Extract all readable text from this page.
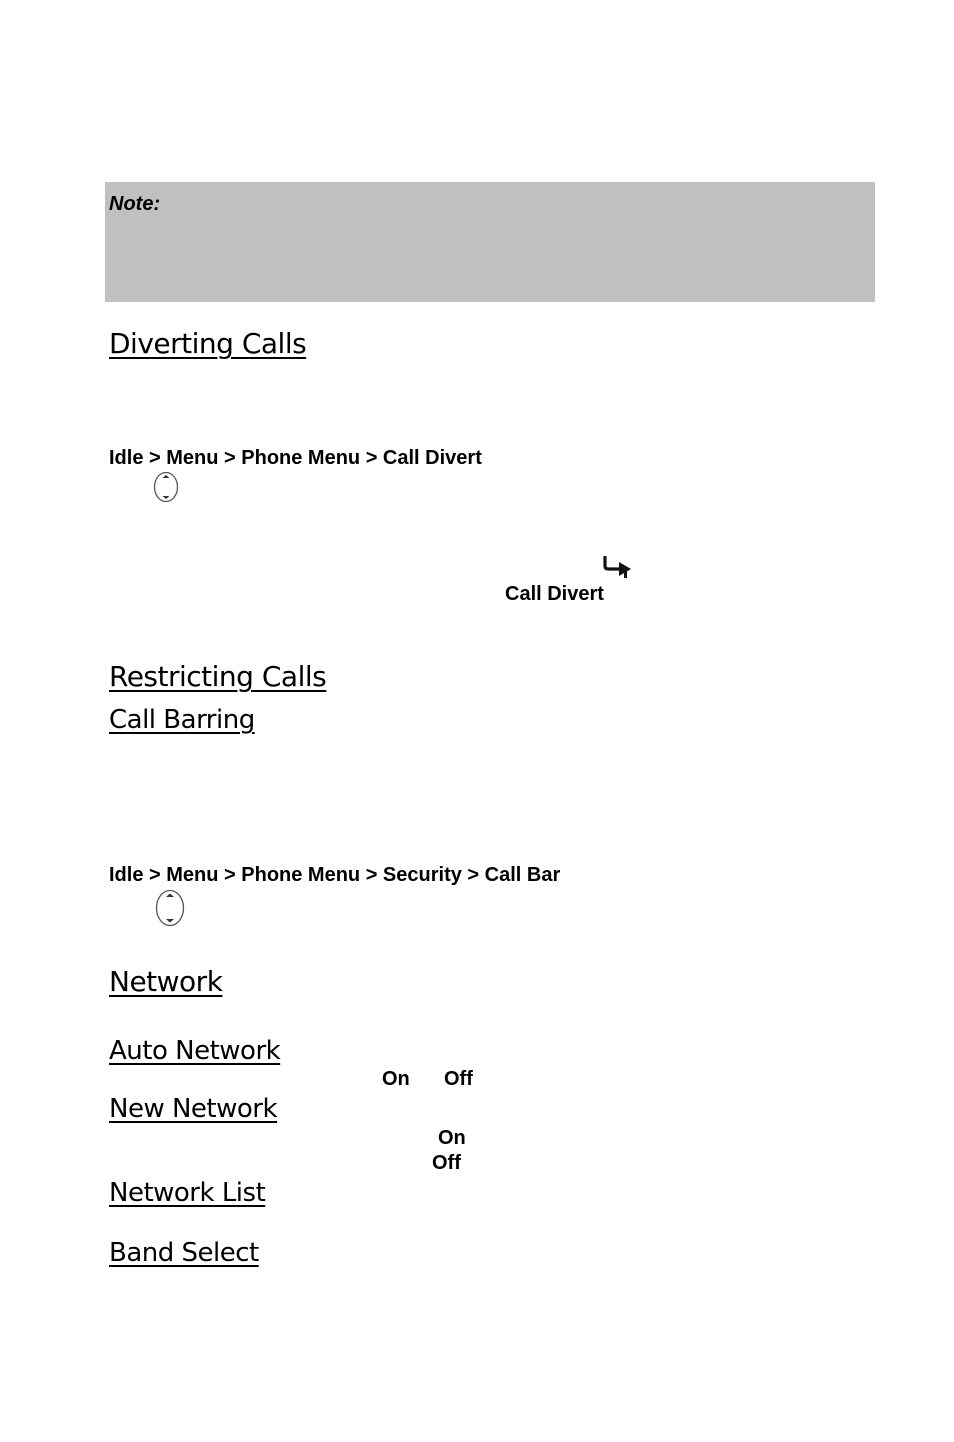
Note:
Diverting Calls
Idle > Menu > Phone Menu > Call Divert
Call Divert
Restricting Calls
Call Barring
Idle > Menu > Phone Menu > Security > Call Bar
Network
Auto Network
On Off
New Network
On
Off
Network List
Band Select
